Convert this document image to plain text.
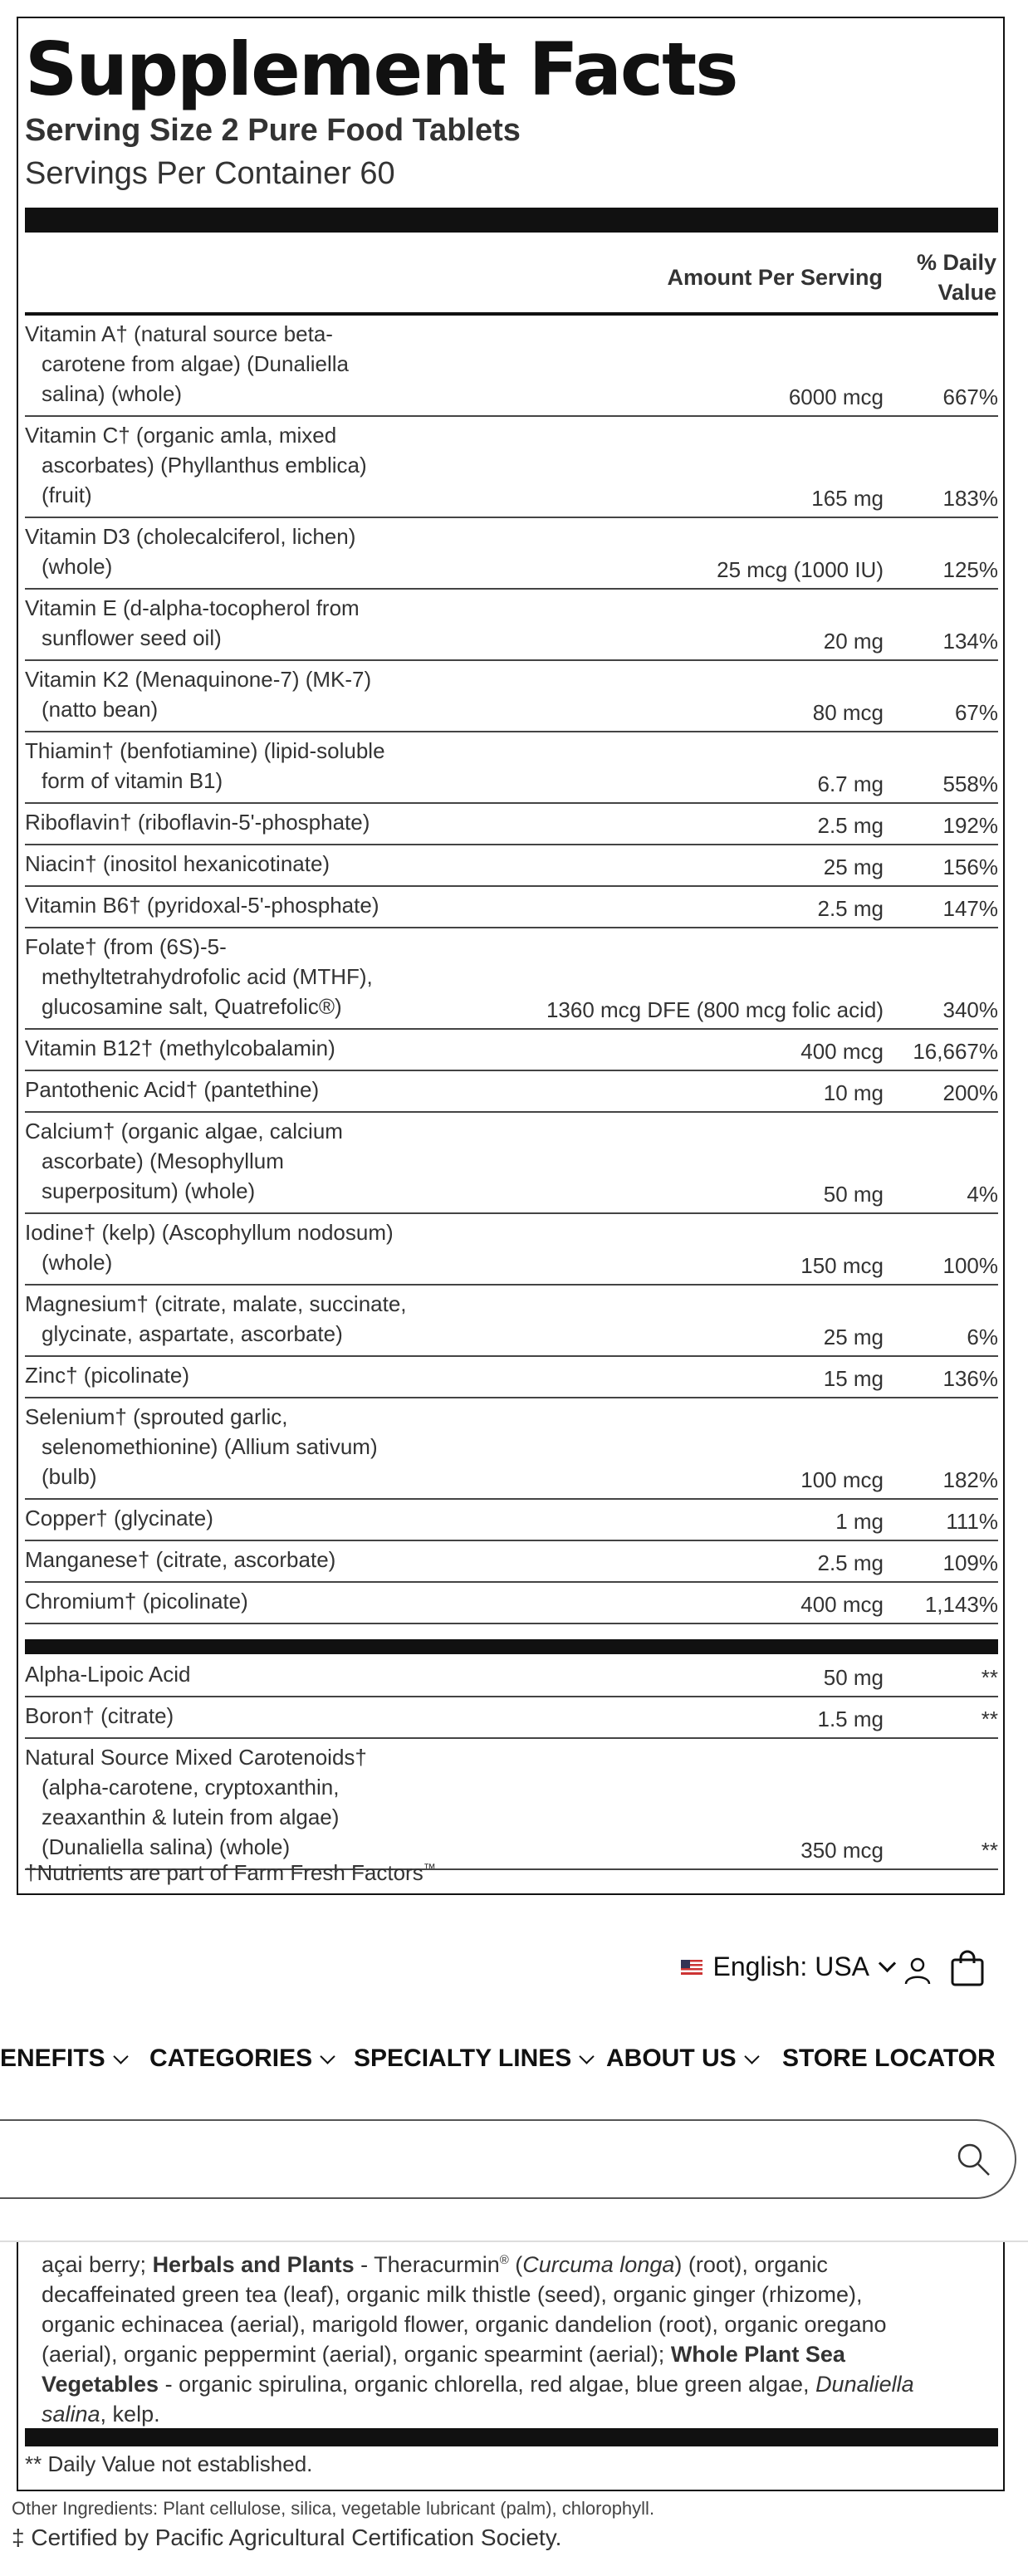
Supplement Facts
Serving Size 2 Pure Food Tablets
Servings Per Container 60
Amount Per Serving
% Daily
Value
Vitamin A† (natural source beta-
carotene from algae) (Dunaliella
salina) (whole)	6000 mcg	667%
Vitamin C† (organic amla, mixed
ascorbates) (Phyllanthus emblica)
(fruit)	165 mg	183%
Vitamin D3 (cholecalciferol, lichen)
(whole)	25 mcg (1000 IU)	125%
Vitamin E (d-alpha-tocopherol from
sunflower seed oil)	20 mg	134%
Vitamin K2 (Menaquinone-7) (MK-7)
(natto bean)	80 mcg	67%
Thiamin† (benfotiamine) (lipid-soluble
form of vitamin B1)	6.7 mg	558%
Riboflavin† (riboflavin-5'-phosphate)	2.5 mg	192%
Niacin† (inositol hexanicotinate)	25 mg	156%
Vitamin B6† (pyridoxal-5'-phosphate)	2.5 mg	147%
Folate† (from (6S)-5-
methyltetrahydrofolic acid (MTHF),
glucosamine salt, Quatrefolic®)	1360 mcg DFE (800 mcg folic acid)	340%
Vitamin B12† (methylcobalamin)	400 mcg 16,667%
Pantothenic Acid† (pantethine)	10 mg	200%
Calcium† (organic algae, calcium
ascorbate) (Mesophyllum
superpositum) (whole)	50 mg	4%
Iodine† (kelp) (Ascophyllum nodosum)
(whole)	150 mcg	100%
Magnesium† (citrate, malate, succinate,
glycinate, aspartate, ascorbate)	25 mg	6%
Zinc† (picolinate)	15 mg	136%
Selenium† (sprouted garlic,
selenomethionine) (Allium sativum)
(bulb)	100 mcg	182%
Copper† (glycinate)	1 mg	111%
Manganese† (citrate, ascorbate)	2.5 mg	109%
Chromium† (picolinate)	400 mcg 1,143%
Alpha-Lipoic Acid	50 mg	**
Boron† (citrate)	1.5 mg	**
Natural Source Mixed Carotenoids†
(alpha-carotene, cryptoxanthin,
zeaxanthin & lutein from algae)
(Dunaliella salina) (whole)	350 mcg	**
†Nutrients are part of Farm Fresh Factors™
English: USA
ENEFITS CATEGORIES SPECIALTY LINES ABOUT US STORE LOCATOR
açai berry; Herbals and Plants - Theracurmin® (Curcuma longa) (root), organic
decaffeinated green tea (leaf), organic milk thistle (seed), organic ginger (rhizome),
organic echinacea (aerial), marigold flower, organic dandelion (root), organic oregano
(aerial), organic peppermint (aerial), organic spearmint (aerial); Whole Plant Sea
Vegetables - organic spirulina, organic chlorella, red algae, blue green algae, Dunaliella
salina, kelp.
** Daily Value not established.
Other Ingredients: Plant cellulose, silica, vegetable lubricant (palm), chlorophyll.
‡ Certified by Pacific Agricultural Certification Society.
